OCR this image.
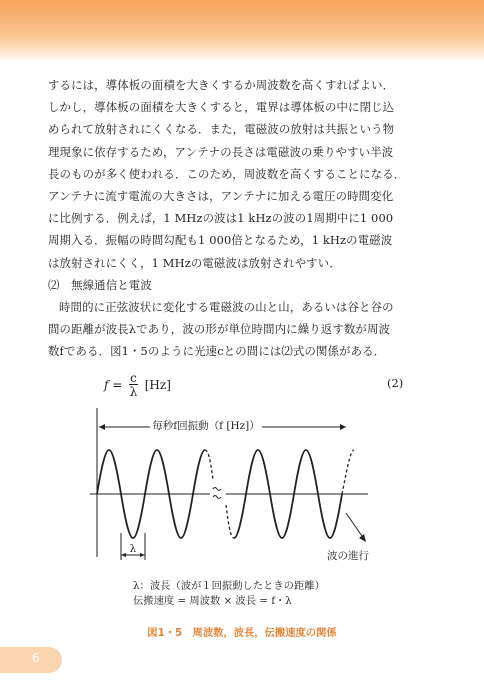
するには，導体板の面積を大きくするか周波数を高くすればよい．
しかし，導体板の面積を大きくすると，電界は導体板の中に閉じ込
められて放射されにくくなる．また，電磁波の放射は共振という物
理現象に依存するため，アンテナの長さは電磁波の乗りやすい半波
長のものが多く使われる．このため，周波数を高くすることになる．
アンテナに流す電流の大きさは，アンテナに加える電圧の時間変化
に比例する．例えば，1 MHzの波は1 kHzの波の1周期中に1 000
周期入る．振幅の時間勾配も1 000倍となるため，1 kHzの電磁波
は放射されにくく，1 MHzの電磁波は放射されやすい．
⑵　無線通信と電波
時間的に正弦波状に変化する電磁波の山と山，あるいは谷と谷の
間の距離が波長λであり，波の形が単位時間内に繰り返す数が周波
数fである．図1・5のように光速cとの間には⑵式の関係がある．
$f = \frac{c}{\lambda} [Hz]$	(2)
毎秒f回振動（f [Hz]）
波の進行
λ
λ：波長（波が１回振動したときの距離）
伝搬速度 = 周波数 × 波長 = f・λ
図1・5　周波数，波長，伝搬速度の関係
6
